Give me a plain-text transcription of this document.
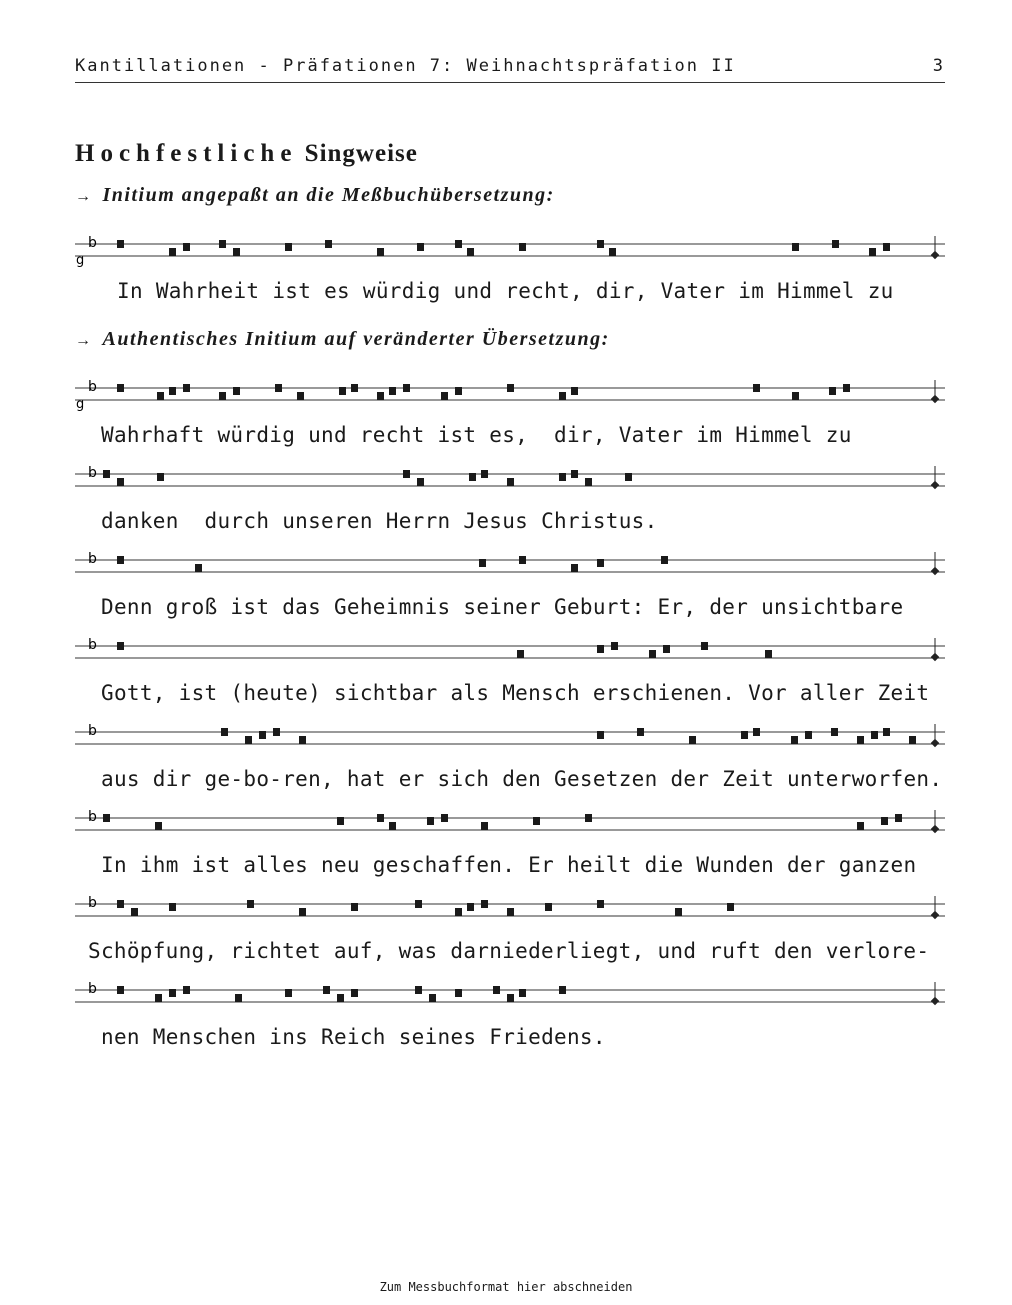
Kantillationen - Präfationen 7: Weihnachtspräfation II	3
Hochfestliche Singweise
→ Initium angepaßt an die Meßbuchübersetzung:
→ Authentisches Initium auf veränderter Übersetzung:
b
g
b
g
b
b
b
b
b
b
b
In Wahrheit ist es würdig und recht, dir, Vater im Himmel zu
Wahrhaft würdig und recht ist es,  dir, Vater im Himmel zu
danken  durch unseren Herrn Jesus Christus.
Denn groß ist das Geheimnis seiner Geburt: Er, der unsichtbare
Gott, ist (heute) sichtbar als Mensch erschienen. Vor aller Zeit
aus dir ge-bo-ren, hat er sich den Gesetzen der Zeit unterworfen.
In ihm ist alles neu geschaffen. Er heilt die Wunden der ganzen
Schöpfung, richtet auf, was darniederliegt, und ruft den verlore-
nen Menschen ins Reich seines Friedens.
Zum Messbuchformat hier abschneiden
